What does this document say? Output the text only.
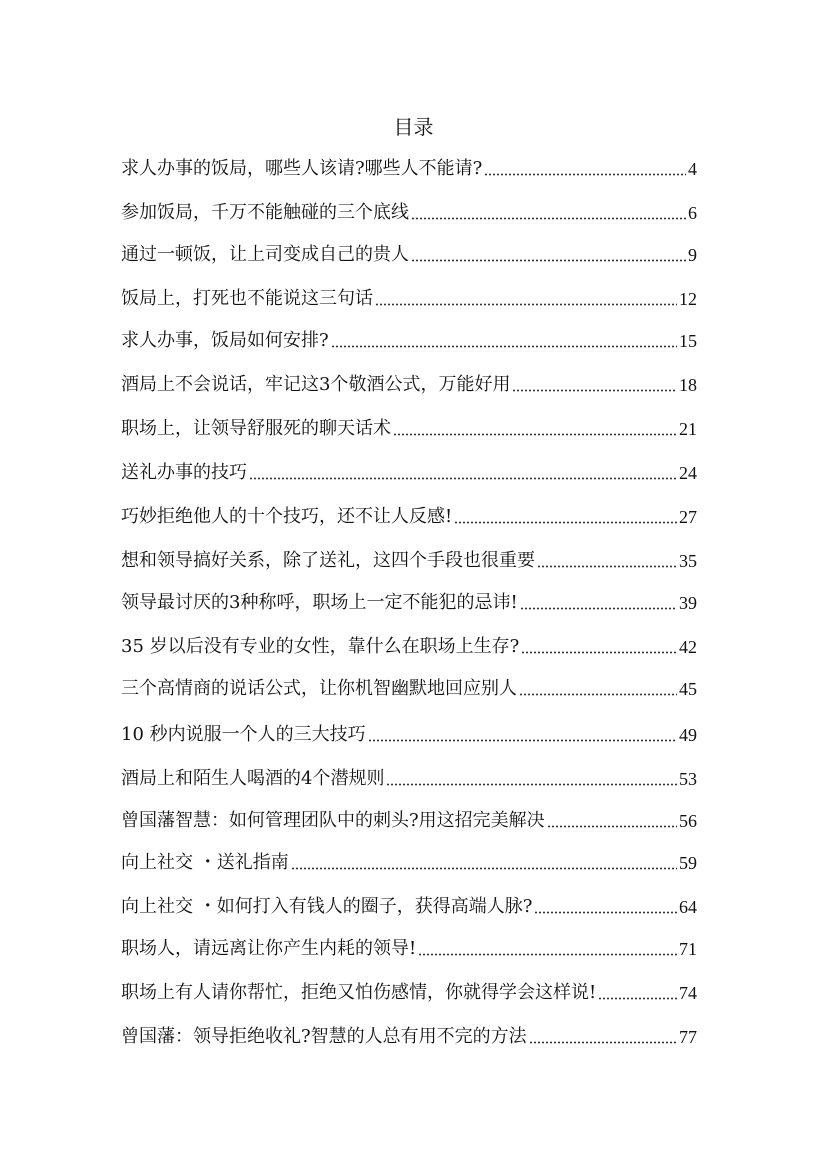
目录
求人办事的饭局，哪些人该请?哪些人不能请?	4
参加饭局，千万不能触碰的三个底线	6
通过一顿饭，让上司变成自己的贵人	9
饭局上，打死也不能说这三句话	12
求人办事，饭局如何安排?	15
酒局上不会说话，牢记这3个敬酒公式，万能好用	18
职场上，让领导舒服死的聊天话术	21
送礼办事的技巧	24
巧妙拒绝他人的十个技巧，还不让人反感!	27
想和领导搞好关系，除了送礼，这四个手段也很重要	35
领导最讨厌的3种称呼，职场上一定不能犯的忌讳!	39
35 岁以后没有专业的女性，靠什么在职场上生存?	42
三个高情商的说话公式，让你机智幽默地回应别人	45
10 秒内说服一个人的三大技巧	49
酒局上和陌生人喝酒的4个潜规则	53
曾国藩智慧：如何管理团队中的刺头?用这招完美解决	56
向上社交 ・送礼指南	59
向上社交 ・如何打入有钱人的圈子，获得高端人脉?	64
职场人，请远离让你产生内耗的领导!	71
职场上有人请你帮忙，拒绝又怕伤感情，你就得学会这样说!	74
曾国藩：领导拒绝收礼?智慧的人总有用不完的方法	77
